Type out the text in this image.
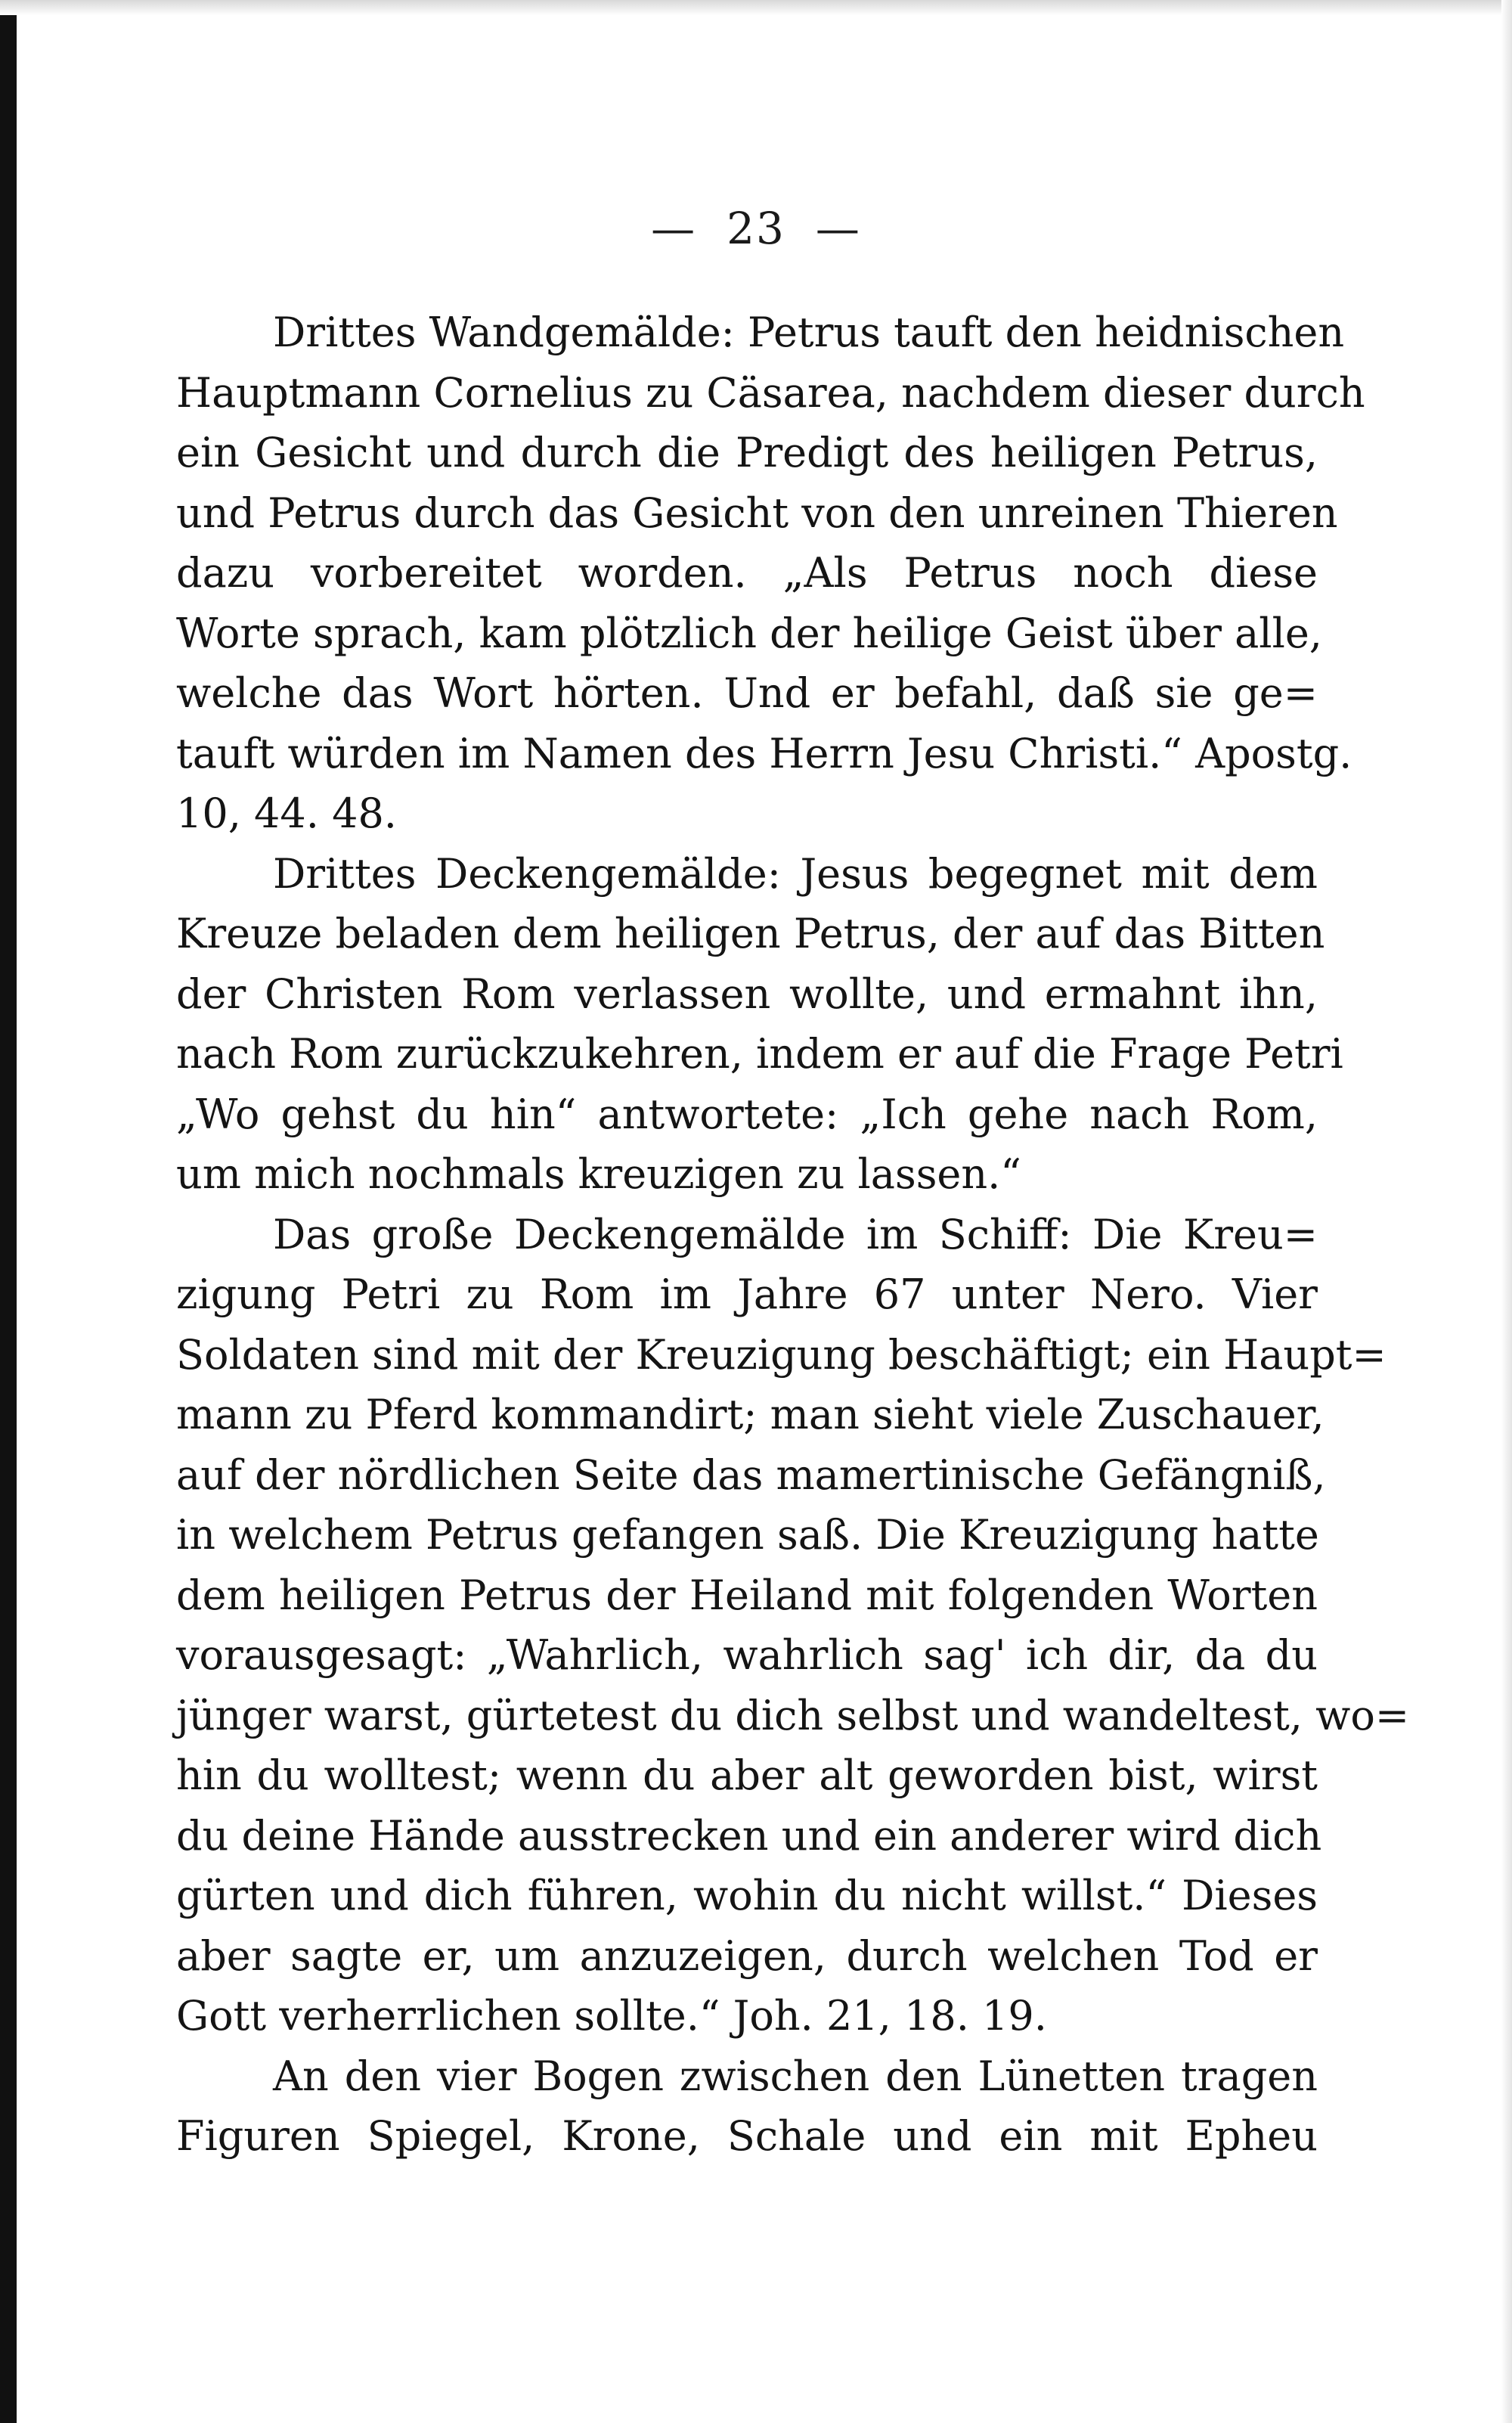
— 23 —
Drittes Wandgemälde: Petrus tauft den heidnischen
Hauptmann Cornelius zu Cäsarea, nachdem dieser durch
ein Gesicht und durch die Predigt des heiligen Petrus,
und Petrus durch das Gesicht von den unreinen Thieren
dazu vorbereitet worden. „Als Petrus noch diese
Worte sprach, kam plötzlich der heilige Geist über alle,
welche das Wort hörten. Und er befahl, daß sie ge=
tauft würden im Namen des Herrn Jesu Christi.“ Apostg.
10, 44. 48.
Drittes Deckengemälde: Jesus begegnet mit dem
Kreuze beladen dem heiligen Petrus, der auf das Bitten
der Christen Rom verlassen wollte, und ermahnt ihn,
nach Rom zurückzukehren, indem er auf die Frage Petri
„Wo gehst du hin“ antwortete: „Ich gehe nach Rom,
um mich nochmals kreuzigen zu lassen.“
Das große Deckengemälde im Schiff: Die Kreu=
zigung Petri zu Rom im Jahre 67 unter Nero. Vier
Soldaten sind mit der Kreuzigung beschäftigt; ein Haupt=
mann zu Pferd kommandirt; man sieht viele Zuschauer,
auf der nördlichen Seite das mamertinische Gefängniß,
in welchem Petrus gefangen saß. Die Kreuzigung hatte
dem heiligen Petrus der Heiland mit folgenden Worten
vorausgesagt: „Wahrlich, wahrlich sag' ich dir, da du
jünger warst, gürtetest du dich selbst und wandeltest, wo=
hin du wolltest; wenn du aber alt geworden bist, wirst
du deine Hände ausstrecken und ein anderer wird dich
gürten und dich führen, wohin du nicht willst.“ Dieses
aber sagte er, um anzuzeigen, durch welchen Tod er
Gott verherrlichen sollte.“ Joh. 21, 18. 19.
An den vier Bogen zwischen den Lünetten tragen
Figuren Spiegel, Krone, Schale und ein mit Epheu
